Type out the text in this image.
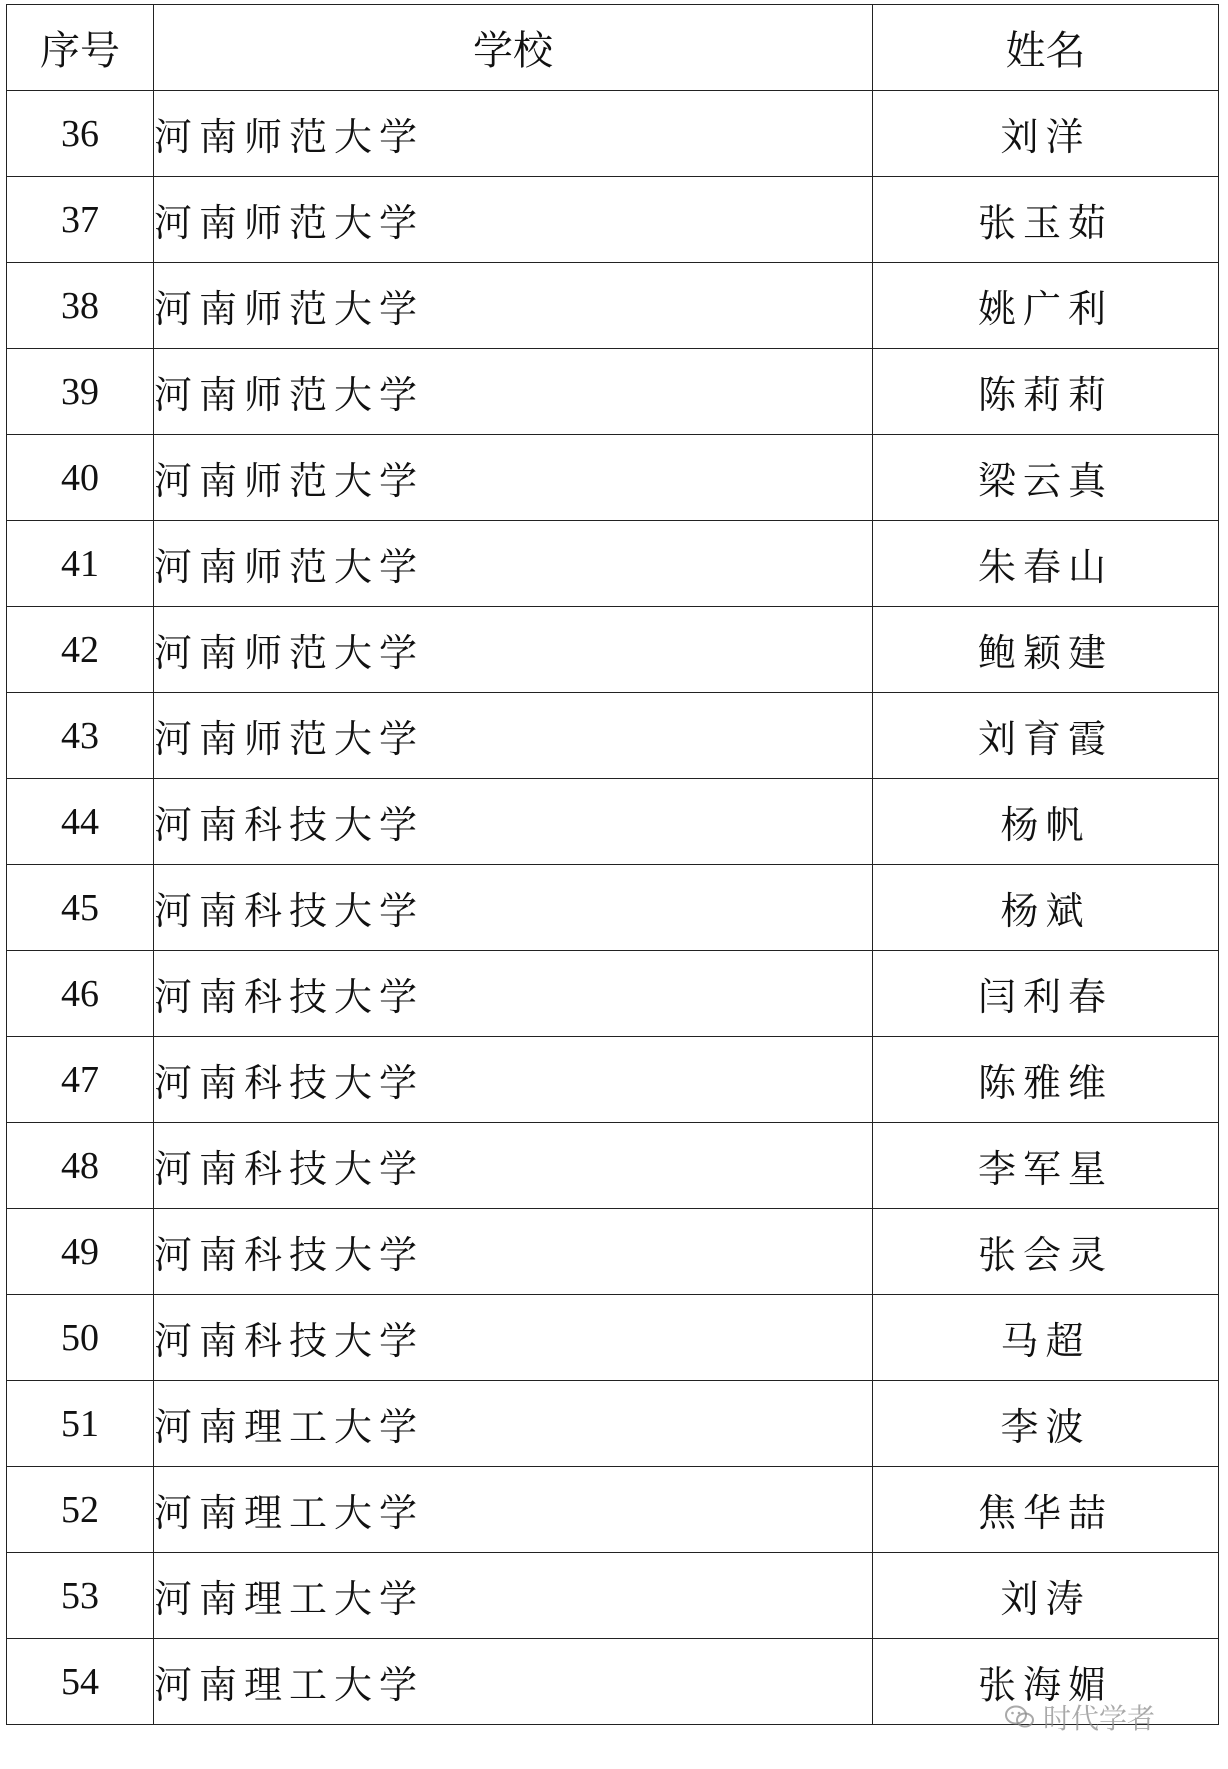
序号	学校	姓名
36	河南师范大学	刘洋
37	河南师范大学	张玉茹
38	河南师范大学	姚广利
39	河南师范大学	陈莉莉
40	河南师范大学	梁云真
41	河南师范大学	朱春山
42	河南师范大学	鲍颖建
43	河南师范大学	刘育霞
44	河南科技大学	杨帆
45	河南科技大学	杨斌
46	河南科技大学	闫利春
47	河南科技大学	陈雅维
48	河南科技大学	李军星
49	河南科技大学	张会灵
50	河南科技大学	马超
51	河南理工大学	李波
52	河南理工大学	焦华喆
53	河南理工大学	刘涛
54	河南理工大学	张海媚
时代学者
